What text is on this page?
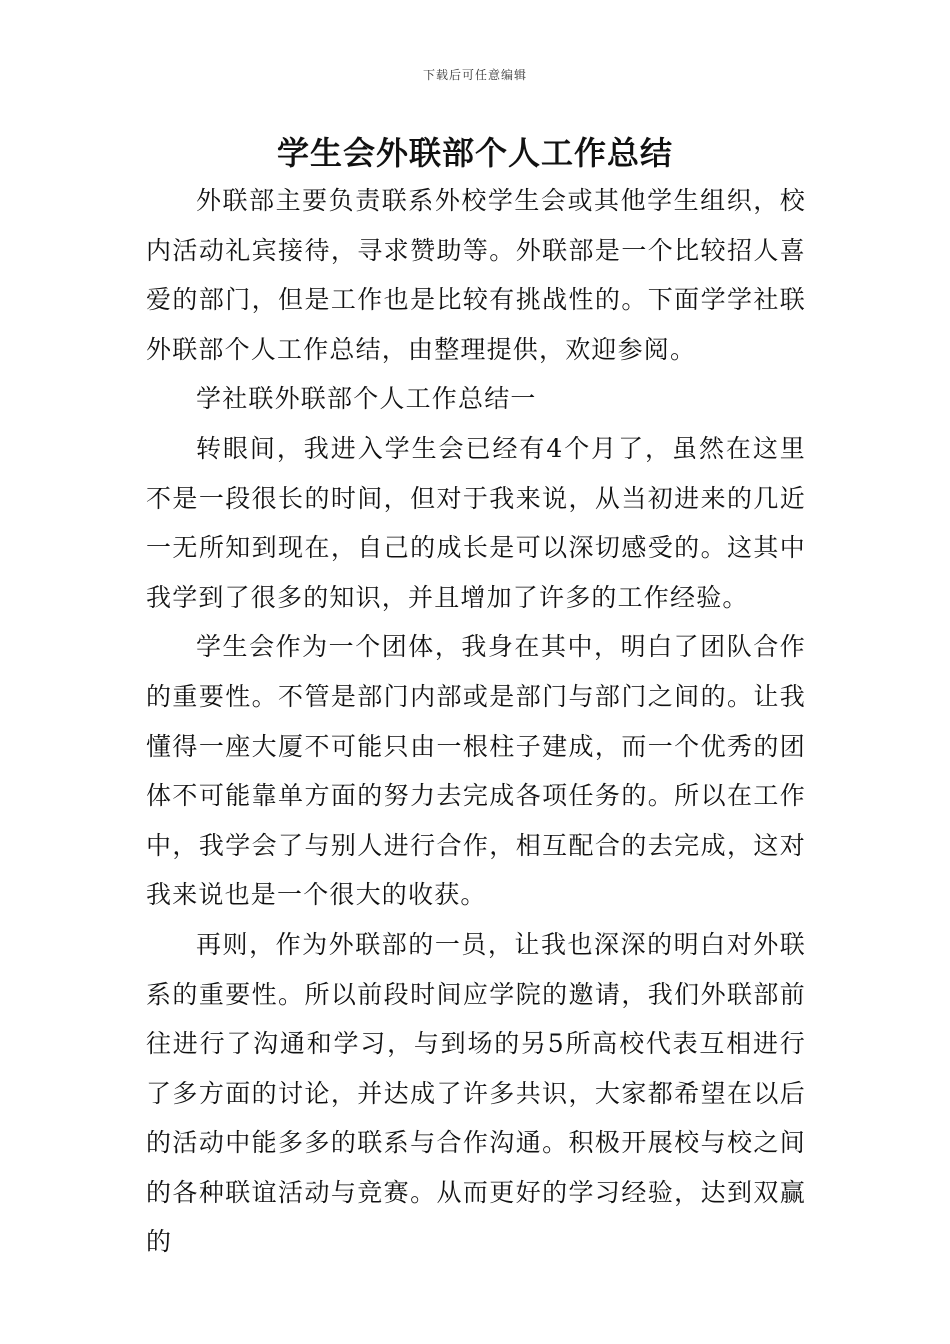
下载后可任意编辑
学生会外联部个人工作总结

外联部主要负责联系外校学生会或其他学生组织，校内活动礼宾接待，寻求赞助等。外联部是一个比较招人喜爱的部门，但是工作也是比较有挑战性的。下面学学社联外联部个人工作总结，由整理提供，欢迎参阅。

学社联外联部个人工作总结一

转眼间，我进入学生会已经有4个月了，虽然在这里不是一段很长的时间，但对于我来说，从当初进来的几近一无所知到现在，自己的成长是可以深切感受的。这其中我学到了很多的知识，并且增加了许多的工作经验。

学生会作为一个团体，我身在其中，明白了团队合作的重要性。不管是部门内部或是部门与部门之间的。让我懂得一座大厦不可能只由一根柱子建成，而一个优秀的团体不可能靠单方面的努力去完成各项任务的。所以在工作中，我学会了与别人进行合作，相互配合的去完成，这对我来说也是一个很大的收获。

再则，作为外联部的一员，让我也深深的明白对外联系的重要性。所以前段时间应学院的邀请，我们外联部前往进行了沟通和学习，与到场的另5所高校代表互相进行了多方面的讨论，并达成了许多共识，大家都希望在以后的活动中能多多的联系与合作沟通。积极开展校与校之间的各种联谊活动与竞赛。从而更好的学习经验，达到双赢的
